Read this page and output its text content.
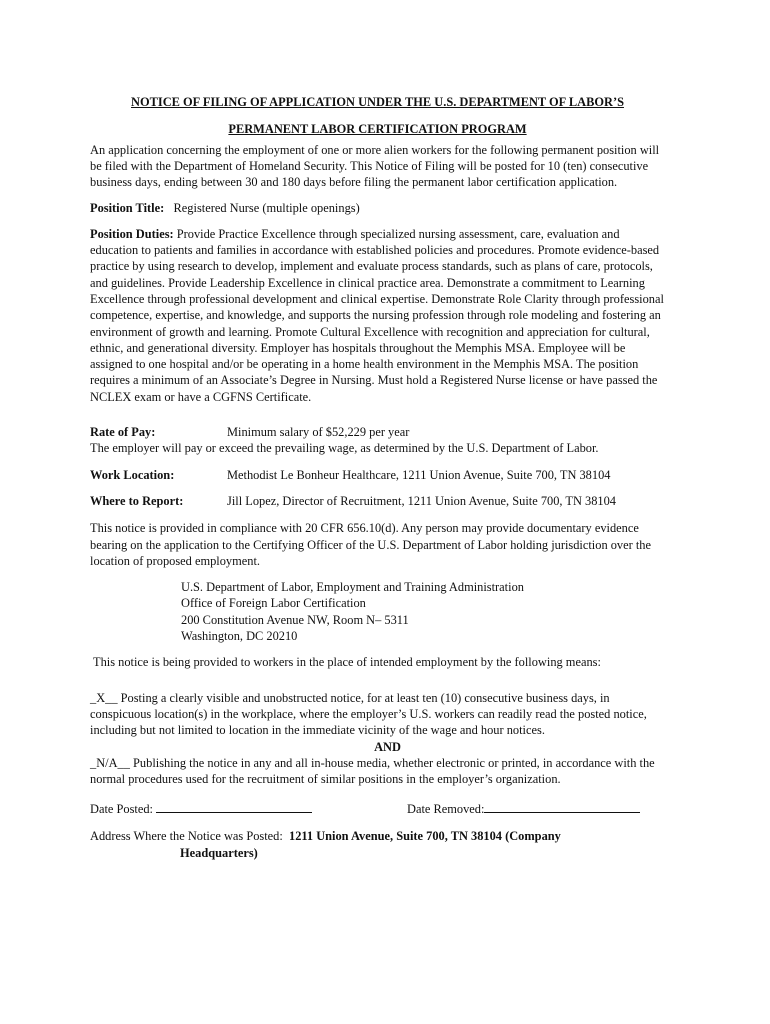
NOTICE OF FILING OF APPLICATION UNDER THE U.S. DEPARTMENT OF LABOR’S

PERMANENT LABOR CERTIFICATION PROGRAM

An application concerning the employment of one or more alien workers for the following permanent position will be filed with the Department of Homeland Security. This Notice of Filing will be posted for 10 (ten) consecutive business days, ending between 30 and 180 days before filing the permanent labor certification application.

Position Title: Registered Nurse (multiple openings)

Position Duties: Provide Practice Excellence through specialized nursing assessment, care, evaluation and education to patients and families in accordance with established policies and procedures. Promote evidence-based practice by using research to develop, implement and evaluate process standards, such as plans of care, protocols, and guidelines. Provide Leadership Excellence in clinical practice area. Demonstrate a commitment to Learning Excellence through professional development and clinical expertise. Demonstrate Role Clarity through professional competence, expertise, and knowledge, and supports the nursing profession through role modeling and fostering an environment of growth and learning. Promote Cultural Excellence with recognition and appreciation for cultural, ethnic, and generational diversity. Employer has hospitals throughout the Memphis MSA. Employee will be assigned to one hospital and/or be operating in a home health environment in the Memphis MSA. The position requires a minimum of an Associate’s Degree in Nursing. Must hold a Registered Nurse license or have passed the NCLEX exam or have a CGFNS Certificate.

Rate of Pay:	Minimum salary of $52,229 per year

The employer will pay or exceed the prevailing wage, as determined by the U.S. Department of Labor.

Work Location:	Methodist Le Bonheur Healthcare, 1211 Union Avenue, Suite 700, TN 38104
Where to Report:	Jill Lopez, Director of Recruitment, 1211 Union Avenue, Suite 700, TN 38104

This notice is provided in compliance with 20 CFR 656.10(d). Any person may provide documentary evidence bearing on the application to the Certifying Officer of the U.S. Department of Labor holding jurisdiction over the location of proposed employment.

U.S. Department of Labor, Employment and Training Administration

Office of Foreign Labor Certification

200 Constitution Avenue NW, Room N– 5311

Washington, DC 20210

This notice is being provided to workers in the place of intended employment by the following means:

_X__ Posting a clearly visible and unobstructed notice, for at least ten (10) consecutive business days, in conspicuous location(s) in the workplace, where the employer’s U.S. workers can readily read the posted notice, including but not limited to location in the immediate vicinity of the wage and hour notices.

AND

_N/A__ Publishing the notice in any and all in-house media, whether electronic or printed, in accordance with the normal procedures used for the recruitment of similar positions in the employer’s organization.

Date Posted:	Date Removed:

Address Where the Notice was Posted: 1211 Union Avenue, Suite 700, TN 38104 (Company

Headquarters)
